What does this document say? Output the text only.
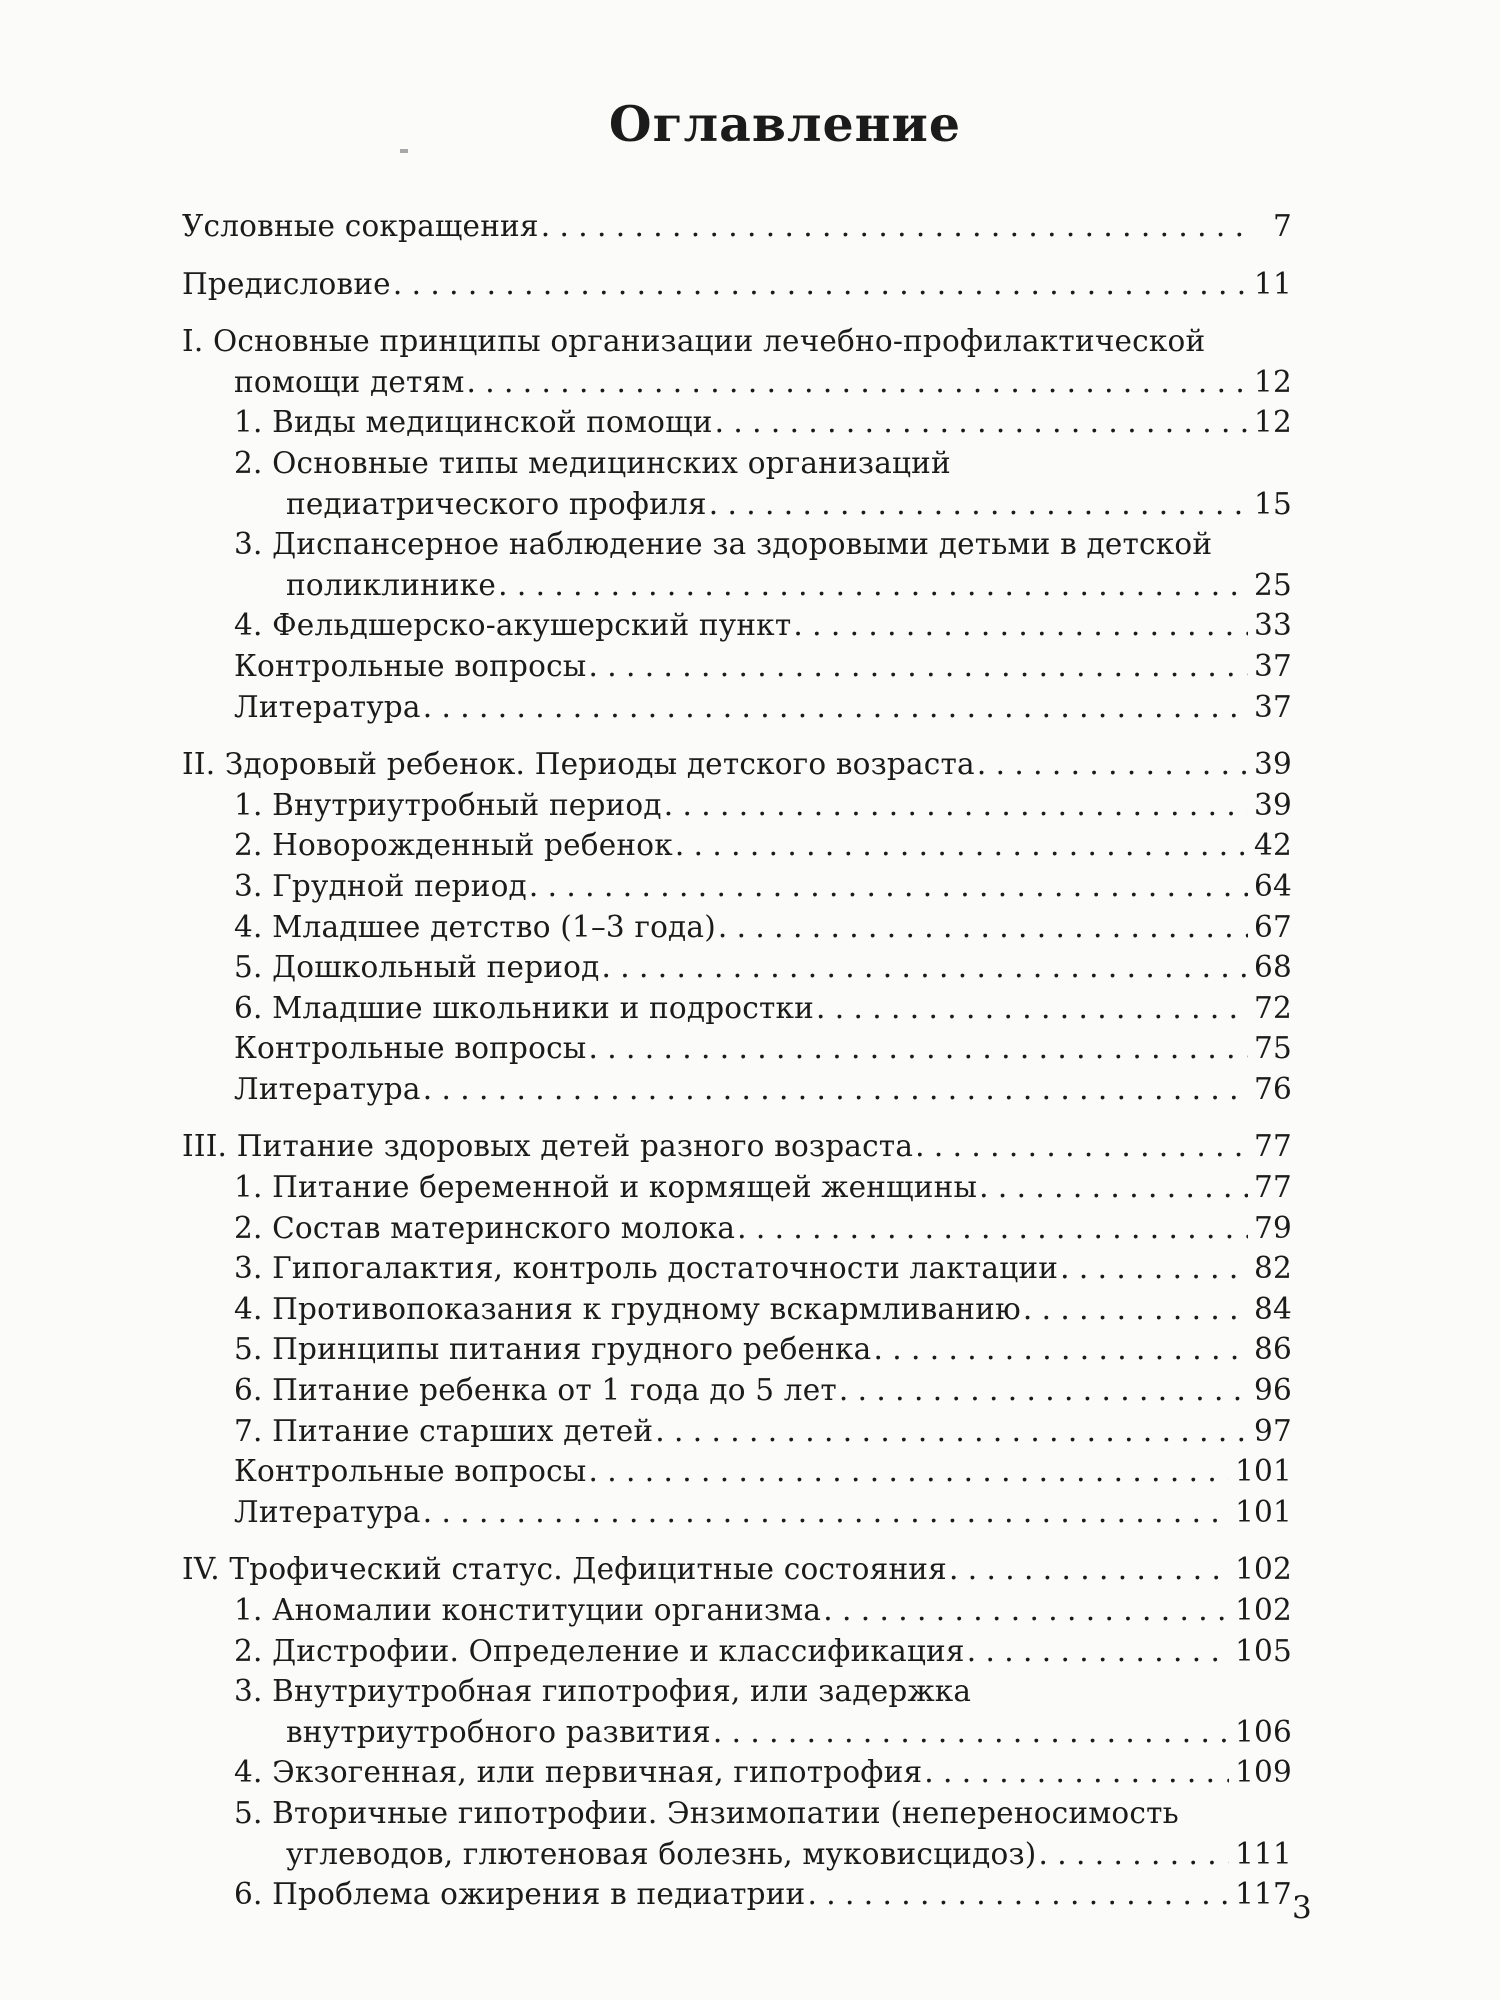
Оглавление
Условные сокращения . . .	7
Предисловие . . .	11
I. Основные принципы организации лечебно-профилактической
помощи детям . . .	12
1. Виды медицинской помощи . . .	12
2. Основные типы медицинских организаций
педиатрического профиля . . .	15
3. Диспансерное наблюдение за здоровыми детьми в детской
поликлинике . . .	25
4. Фельдшерско-акушерский пункт . . .	33
Контрольные вопросы . . .	37
Литература . . .	37
II. Здоровый ребенок. Периоды детского возраста . . .	39
1. Внутриутробный период . . .	39
2. Новорожденный ребенок . . .	42
3. Грудной период . . .	64
4. Младшее детство (1–3 года) . . .	67
5. Дошкольный период . . .	68
6. Младшие школьники и подростки . . .	72
Контрольные вопросы . . .	75
Литература . . .	76
III. Питание здоровых детей разного возраста . . .	77
1. Питание беременной и кормящей женщины . . .	77
2. Состав материнского молока . . .	79
3. Гипогалактия, контроль достаточности лактации . . .	82
4. Противопоказания к грудному вскармливанию . . .	84
5. Принципы питания грудного ребенка . . .	86
6. Питание ребенка от 1 года до 5 лет . . .	96
7. Питание старших детей . . .	97
Контрольные вопросы . . .	101
Литература . . .	101
IV. Трофический статус. Дефицитные состояния . . .	102
1. Аномалии конституции организма . . .	102
2. Дистрофии. Определение и классификация . . .	105
3. Внутриутробная гипотрофия, или задержка
внутриутробного развития . . .	106
4. Экзогенная, или первичная, гипотрофия . . .	109
5. Вторичные гипотрофии. Энзимопатии (непереносимость
углеводов, глютеновая болезнь, муковисцидоз) . . .	111
6. Проблема ожирения в педиатрии . . .	117 3
